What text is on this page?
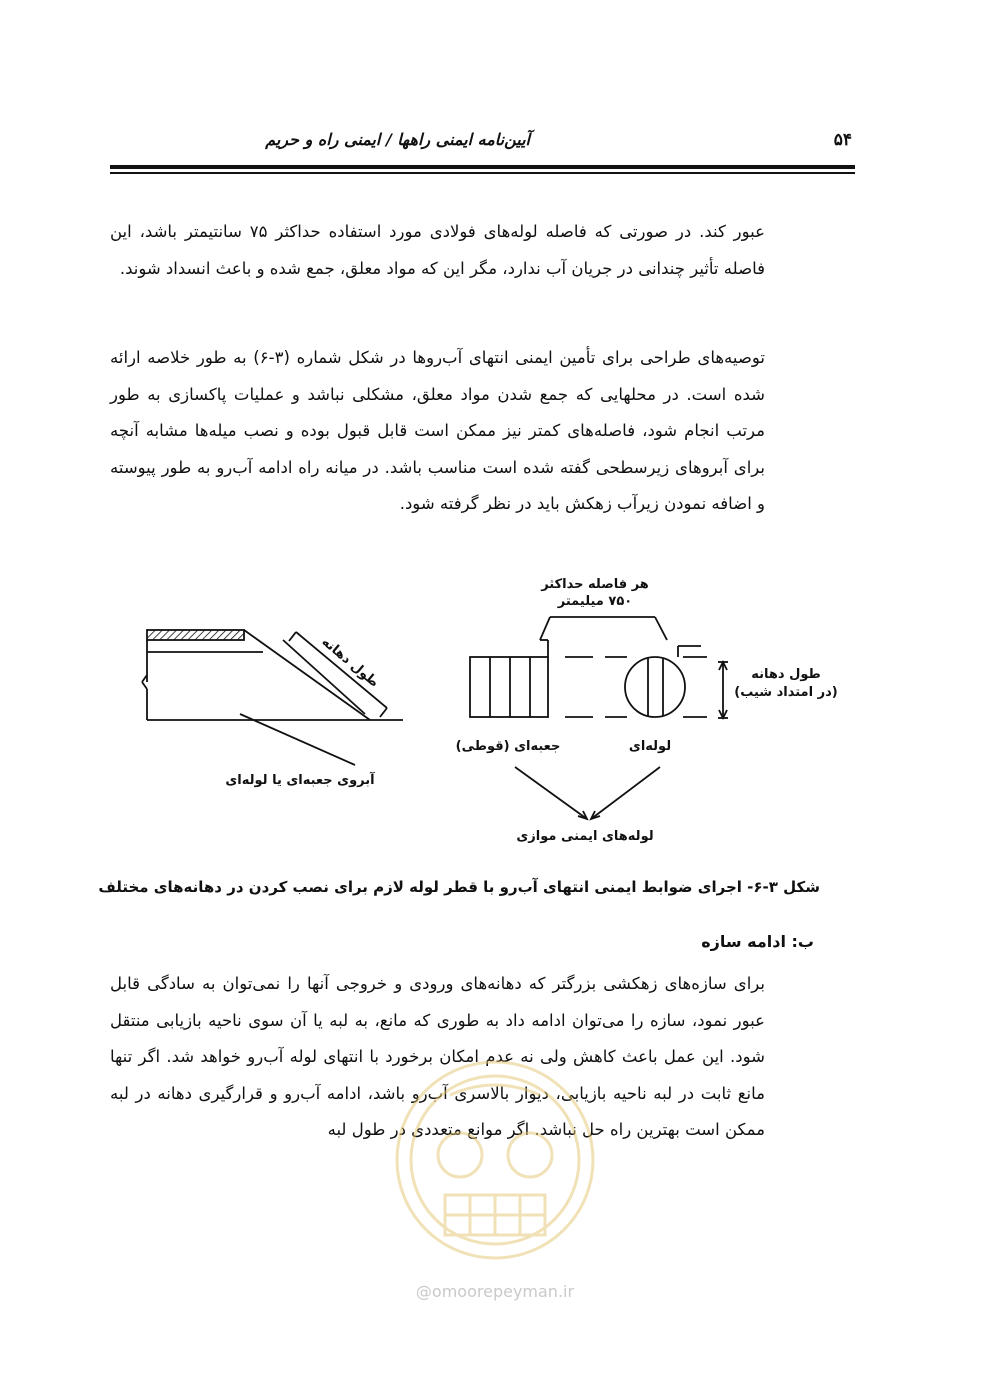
آیین‌نامه ایمنی راهها / ایمنی راه و حریم	۵۴

عبور کند. در صورتی که فاصله لوله‌های فولادی مورد استفاده حداکثر ۷۵ سانتیمتر باشد، این فاصله تأثیر چندانی در جریان آب ندارد، مگر این که مواد معلق، جمع شده و باعث انسداد شوند.

توصیه‌های طراحی برای تأمین ایمنی انتهای آب‌روها در شکل شماره (۳-۶) به طور خلاصه ارائه شده است. در محلهایی که جمع شدن مواد معلق، مشکلی نباشد و عملیات پاکسازی به طور مرتب انجام شود، فاصله‌های کمتر نیز ممکن است قابل قبول بوده و نصب میله‌ها مشابه آنچه برای آبروهای زیرسطحی گفته شده است مناسب باشد. در میانه راه ادامه آب‌رو به طور پیوسته و اضافه نمودن زیرآب زهکش باید در نظر گرفته شود.

هر فاصله حداکثر
۷۵۰ میلیمتر
طول دهانه	طول دهانه
(در امتداد شیب)
جعبه‌ای (قوطی)	لوله‌ای
آبروی جعبه‌ای یا لوله‌ای
لوله‌های ایمنی موازی
شکل ۳-۶- اجرای ضوابط ایمنی انتهای آب‌رو با قطر لوله لازم برای نصب کردن در دهانه‌های مختلف
ب: ادامه سازه

برای سازه‌های زهکشی بزرگتر که دهانه‌های ورودی و خروجی آنها را نمی‌توان به سادگی قابل عبور نمود، سازه را می‌توان ادامه داد به طوری که مانع، به لبه یا آن سوی ناحیه بازیابی منتقل شود. این عمل باعث کاهش ولی نه عدم امکان برخورد با انتهای لوله آب‌رو خواهد شد. اگر تنها مانع ثابت در لبه ناحیه بازیابی، دیوار بالاسری آب‌رو باشد، ادامه آب‌رو و قرارگیری دهانه در لبه ممکن است بهترین راه حل نباشد. اگر موانع متعددی در طول لبه

@omoorepeyman.ir
